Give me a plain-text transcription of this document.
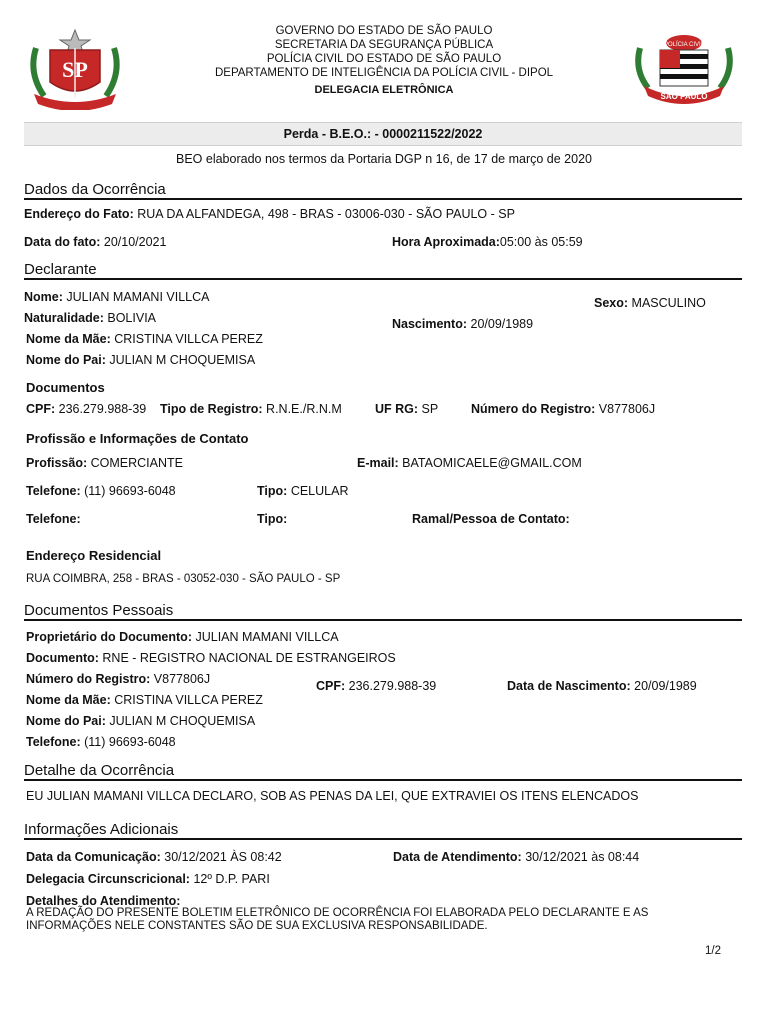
SP
GOVERNO DO ESTADO DE SÃO PAULO
SECRETARIA DA SEGURANÇA PÚBLICA
POLÍCIA CIVIL DO ESTADO DE SÃO PAULO
DEPARTAMENTO DE INTELIGÊNCIA DA POLÍCIA CIVIL - DIPOL
DELEGACIA ELETRÔNICA
POLÍCIA CIVIL
SÃO PAULO
Perda - B.E.O.: - 0000211522/2022
BEO elaborado nos termos da Portaria DGP n 16, de 17 de março de 2020
Dados da Ocorrência
Endereço do Fato: RUA DA ALFANDEGA, 498 - BRAS - 03006-030 - SÃO PAULO - SP
Data do fato: 20/10/2021	Hora Aproximada:05:00 às 05:59
Declarante
Nome: JULIAN MAMANI VILLCA	Sexo: MASCULINO
Naturalidade: BOLIVIA	Nascimento: 20/09/1989
Nome da Mãe: CRISTINA VILLCA PEREZ
Nome do Pai: JULIAN M CHOQUEMISA
Documentos
CPF: 236.279.988-39 Tipo de Registro: R.N.E./R.N.M	UF RG: SP	Número do Registro: V877806J
Profissão e Informações de Contato
Profissão: COMERCIANTE	E-mail: BATAOMICAELE@GMAIL.COM
Telefone: (11) 96693-6048	Tipo: CELULAR
Telefone:	Tipo:	Ramal/Pessoa de Contato:
Endereço Residencial
RUA COIMBRA, 258 - BRAS - 03052-030 - SÃO PAULO - SP
Documentos Pessoais
Proprietário do Documento: JULIAN MAMANI VILLCA
Documento: RNE - REGISTRO NACIONAL DE ESTRANGEIROS
Número do Registro: V877806J	CPF: 236.279.988-39	Data de Nascimento: 20/09/1989
Nome da Mãe: CRISTINA VILLCA PEREZ
Nome do Pai: JULIAN M CHOQUEMISA
Telefone: (11) 96693-6048
Detalhe da Ocorrência
EU JULIAN MAMANI VILLCA DECLARO, SOB AS PENAS DA LEI, QUE EXTRAVIEI OS ITENS ELENCADOS
Informações Adicionais
Data da Comunicação: 30/12/2021 ÀS 08:42	Data de Atendimento: 30/12/2021 às 08:44
Delegacia Circunscricional: 12º D.P. PARI
Detalhes do Atendimento:
A REDAÇÃO DO PRESENTE BOLETIM ELETRÔNICO DE OCORRÊNCIA FOI ELABORADA PELO DECLARANTE E AS
INFORMAÇÕES NELE CONSTANTES SÃO DE SUA EXCLUSIVA RESPONSABILIDADE.
1/2
